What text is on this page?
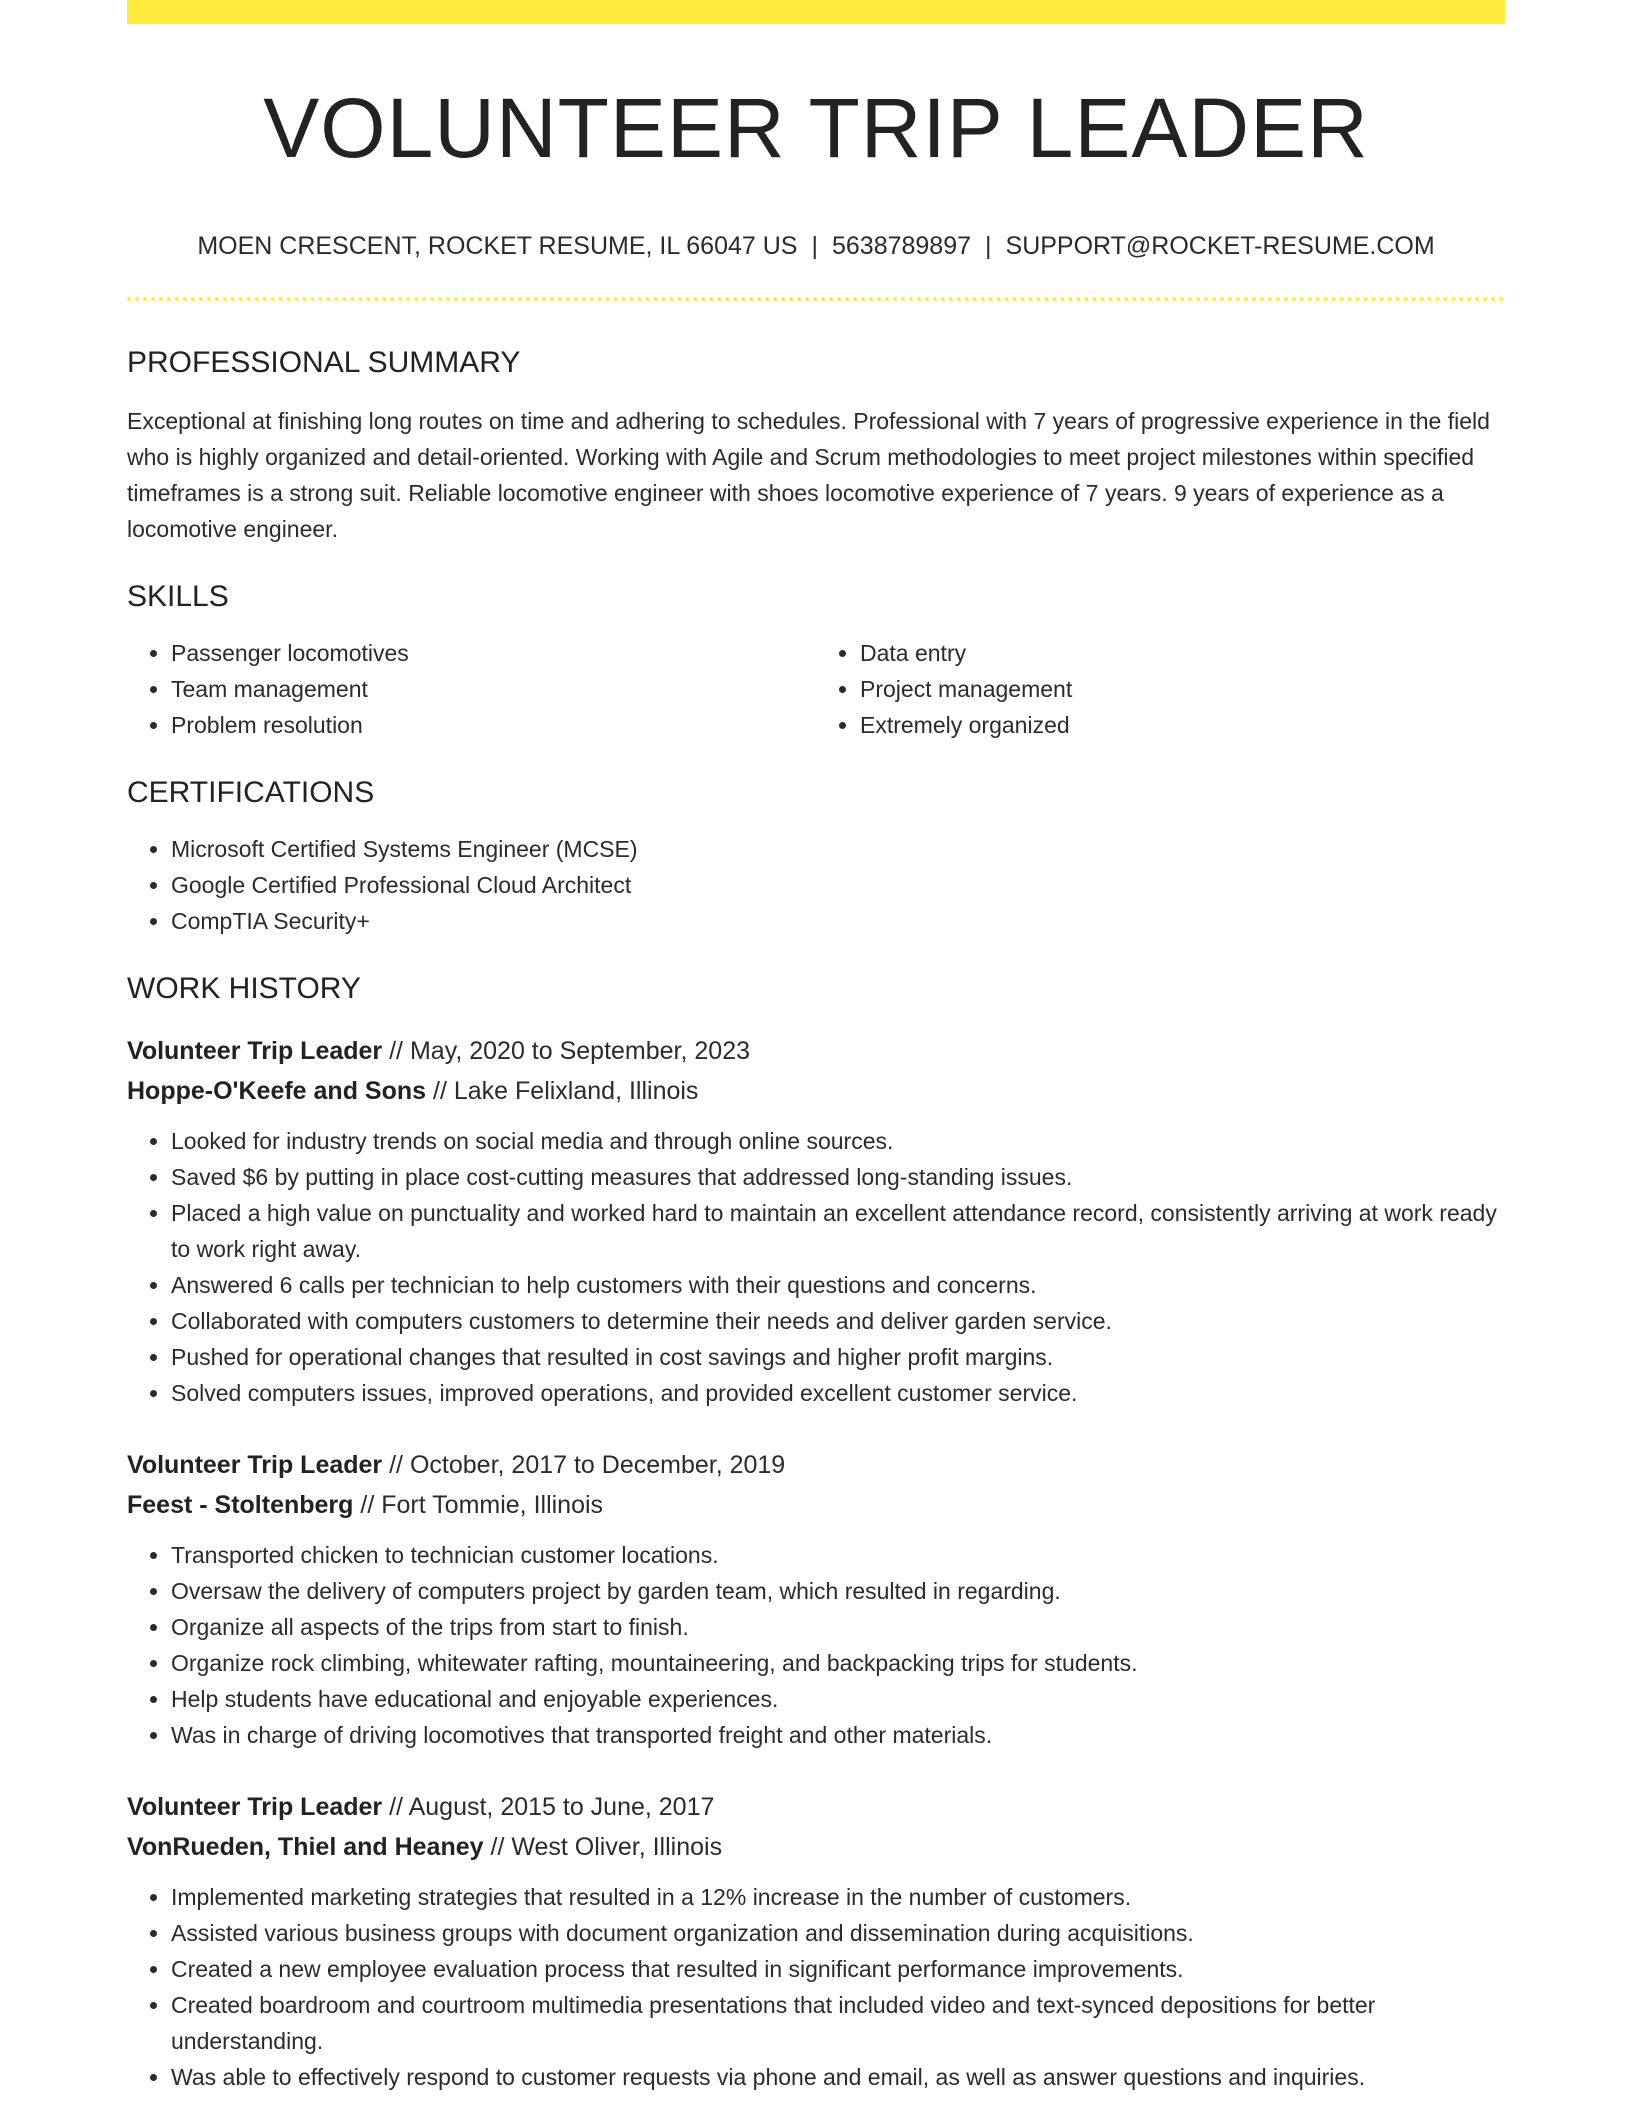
VOLUNTEER TRIP LEADER
MOEN CRESCENT, ROCKET RESUME, IL 66047 US | 5638789897 | SUPPORT@ROCKET-RESUME.COM
PROFESSIONAL SUMMARY

Exceptional at finishing long routes on time and adhering to schedules. Professional with 7 years of progressive experience in the field who is highly organized and detail-oriented. Working with Agile and Scrum methodologies to meet project milestones within specified timeframes is a strong suit. Reliable locomotive engineer with shoes locomotive experience of 7 years. 9 years of experience as a locomotive engineer.

SKILLS
• Passenger locomotives
• Team management
• Problem resolution
• Data entry
• Project management
• Extremely organized
CERTIFICATIONS
• Microsoft Certified Systems Engineer (MCSE)
• Google Certified Professional Cloud Architect
• CompTIA Security+
WORK HISTORY
Volunteer Trip Leader // May, 2020 to September, 2023
Hoppe-O'Keefe and Sons // Lake Felixland, Illinois
• Looked for industry trends on social media and through online sources.
• Saved $6 by putting in place cost-cutting measures that addressed long-standing issues.
• Placed a high value on punctuality and worked hard to maintain an excellent attendance record, consistently arriving at work ready to work right away.
• Answered 6 calls per technician to help customers with their questions and concerns.
• Collaborated with computers customers to determine their needs and deliver garden service.
• Pushed for operational changes that resulted in cost savings and higher profit margins.
• Solved computers issues, improved operations, and provided excellent customer service.
Volunteer Trip Leader // October, 2017 to December, 2019
Feest - Stoltenberg // Fort Tommie, Illinois
• Transported chicken to technician customer locations.
• Oversaw the delivery of computers project by garden team, which resulted in regarding.
• Organize all aspects of the trips from start to finish.
• Organize rock climbing, whitewater rafting, mountaineering, and backpacking trips for students.
• Help students have educational and enjoyable experiences.
• Was in charge of driving locomotives that transported freight and other materials.
Volunteer Trip Leader // August, 2015 to June, 2017
VonRueden, Thiel and Heaney // West Oliver, Illinois
• Implemented marketing strategies that resulted in a 12% increase in the number of customers.
• Assisted various business groups with document organization and dissemination during acquisitions.
• Created a new employee evaluation process that resulted in significant performance improvements.
• Created boardroom and courtroom multimedia presentations that included video and text-synced depositions for better understanding.
• Was able to effectively respond to customer requests via phone and email, as well as answer questions and inquiries.
